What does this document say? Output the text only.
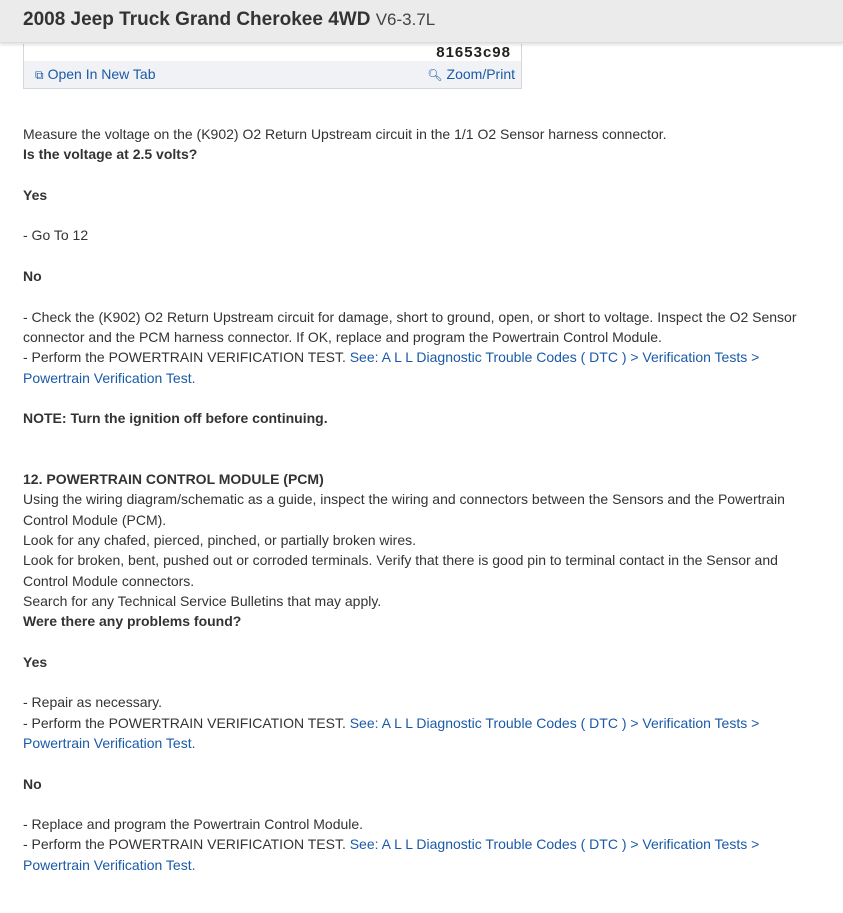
2008 Jeep Truck Grand Cherokee 4WD V6-3.7L
81653c98
⧉ Open In New Tab	🔍︎ Zoom/Print
Measure the voltage on the (K902) O2 Return Upstream circuit in the 1/1 O2 Sensor harness connector.
Is the voltage at 2.5 volts?
Yes
- Go To 12
No
- Check the (K902) O2 Return Upstream circuit for damage, short to ground, open, or short to voltage. Inspect the O2 Sensor connector and the PCM harness connector. If OK, replace and program the Powertrain Control Module.
- Perform the POWERTRAIN VERIFICATION TEST. See: A L L Diagnostic Trouble Codes ( DTC ) > Verification Tests > Powertrain Verification Test.
NOTE: Turn the ignition off before continuing.
12. POWERTRAIN CONTROL MODULE (PCM)
Using the wiring diagram/schematic as a guide, inspect the wiring and connectors between the Sensors and the Powertrain Control Module (PCM).
Look for any chafed, pierced, pinched, or partially broken wires.
Look for broken, bent, pushed out or corroded terminals. Verify that there is good pin to terminal contact in the Sensor and Control Module connectors.
Search for any Technical Service Bulletins that may apply.
Were there any problems found?
Yes
- Repair as necessary.
- Perform the POWERTRAIN VERIFICATION TEST. See: A L L Diagnostic Trouble Codes ( DTC ) > Verification Tests > Powertrain Verification Test.
No
- Replace and program the Powertrain Control Module.
- Perform the POWERTRAIN VERIFICATION TEST. See: A L L Diagnostic Trouble Codes ( DTC ) > Verification Tests > Powertrain Verification Test.
